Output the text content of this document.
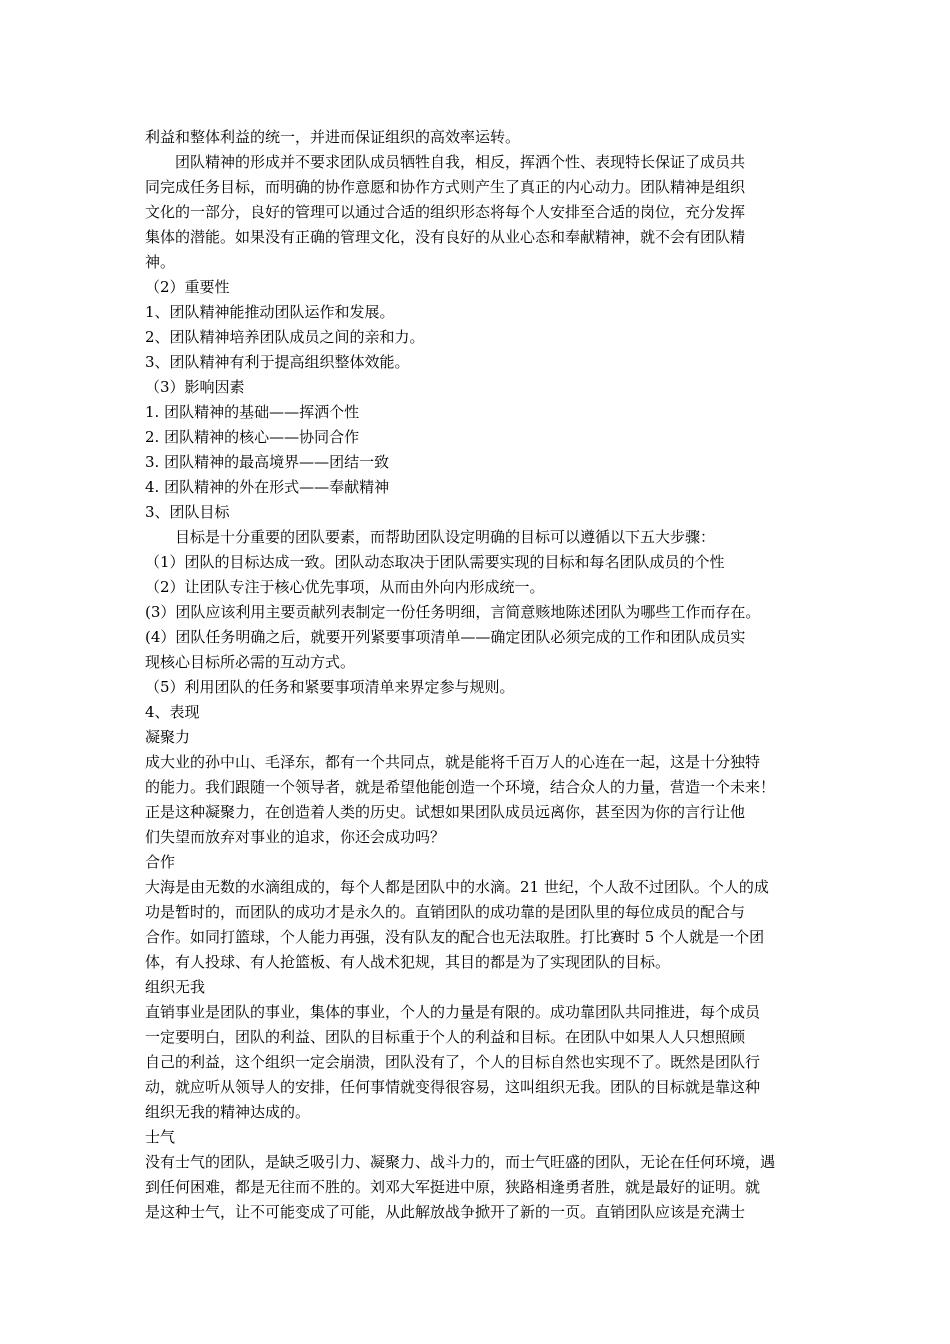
利益和整体利益的统一，并进而保证组织的高效率运转。
团队精神的形成并不要求团队成员牺牲自我，相反，挥洒个性、表现特长保证了成员共
同完成任务目标，而明确的协作意愿和协作方式则产生了真正的内心动力。团队精神是组织
文化的一部分，良好的管理可以通过合适的组织形态将每个人安排至合适的岗位，充分发挥
集体的潜能。如果没有正确的管理文化，没有良好的从业心态和奉献精神，就不会有团队精
神。
（2）重要性
1、团队精神能推动团队运作和发展。
2、团队精神培养团队成员之间的亲和力。
3、团队精神有利于提高组织整体效能。
（3）影响因素
1. 团队精神的基础——挥洒个性
2. 团队精神的核心——协同合作
3. 团队精神的最高境界——团结一致
4. 团队精神的外在形式——奉献精神
3、团队目标
目标是十分重要的团队要素，而帮助团队设定明确的目标可以遵循以下五大步骤：
（1）团队的目标达成一致。团队动态取决于团队需要实现的目标和每名团队成员的个性
（2）让团队专注于核心优先事项，从而由外向内形成统一。
(3）团队应该利用主要贡献列表制定一份任务明细，言简意赅地陈述团队为哪些工作而存在。
(4）团队任务明确之后，就要开列紧要事项清单——确定团队必须完成的工作和团队成员实
现核心目标所必需的互动方式。
（5）利用团队的任务和紧要事项清单来界定参与规则。
4、表现
凝聚力
成大业的孙中山、毛泽东，都有一个共同点，就是能将千百万人的心连在一起，这是十分独特
的能力。我们跟随一个领导者，就是希望他能创造一个环境，结合众人的力量，营造一个未来！
正是这种凝聚力，在创造着人类的历史。试想如果团队成员远离你，甚至因为你的言行让他
们失望而放弃对事业的追求，你还会成功吗？
合作
大海是由无数的水滴组成的，每个人都是团队中的水滴。21 世纪，个人敌不过团队。个人的成
功是暂时的，而团队的成功才是永久的。直销团队的成功靠的是团队里的每位成员的配合与
合作。如同打篮球，个人能力再强，没有队友的配合也无法取胜。打比赛时 5 个人就是一个团
体，有人投球、有人抢篮板、有人战术犯规，其目的都是为了实现团队的目标。
组织无我
直销事业是团队的事业，集体的事业，个人的力量是有限的。成功靠团队共同推进，每个成员
一定要明白，团队的利益、团队的目标重于个人的利益和目标。在团队中如果人人只想照顾
自己的利益，这个组织一定会崩溃，团队没有了，个人的目标自然也实现不了。既然是团队行
动，就应听从领导人的安排，任何事情就变得很容易，这叫组织无我。团队的目标就是靠这种
组织无我的精神达成的。
士气
没有士气的团队，是缺乏吸引力、凝聚力、战斗力的，而士气旺盛的团队，无论在任何环境，遇
到任何困难，都是无往而不胜的。刘邓大军挺进中原，狭路相逢勇者胜，就是最好的证明。就
是这种士气，让不可能变成了可能，从此解放战争掀开了新的一页。直销团队应该是充满士
